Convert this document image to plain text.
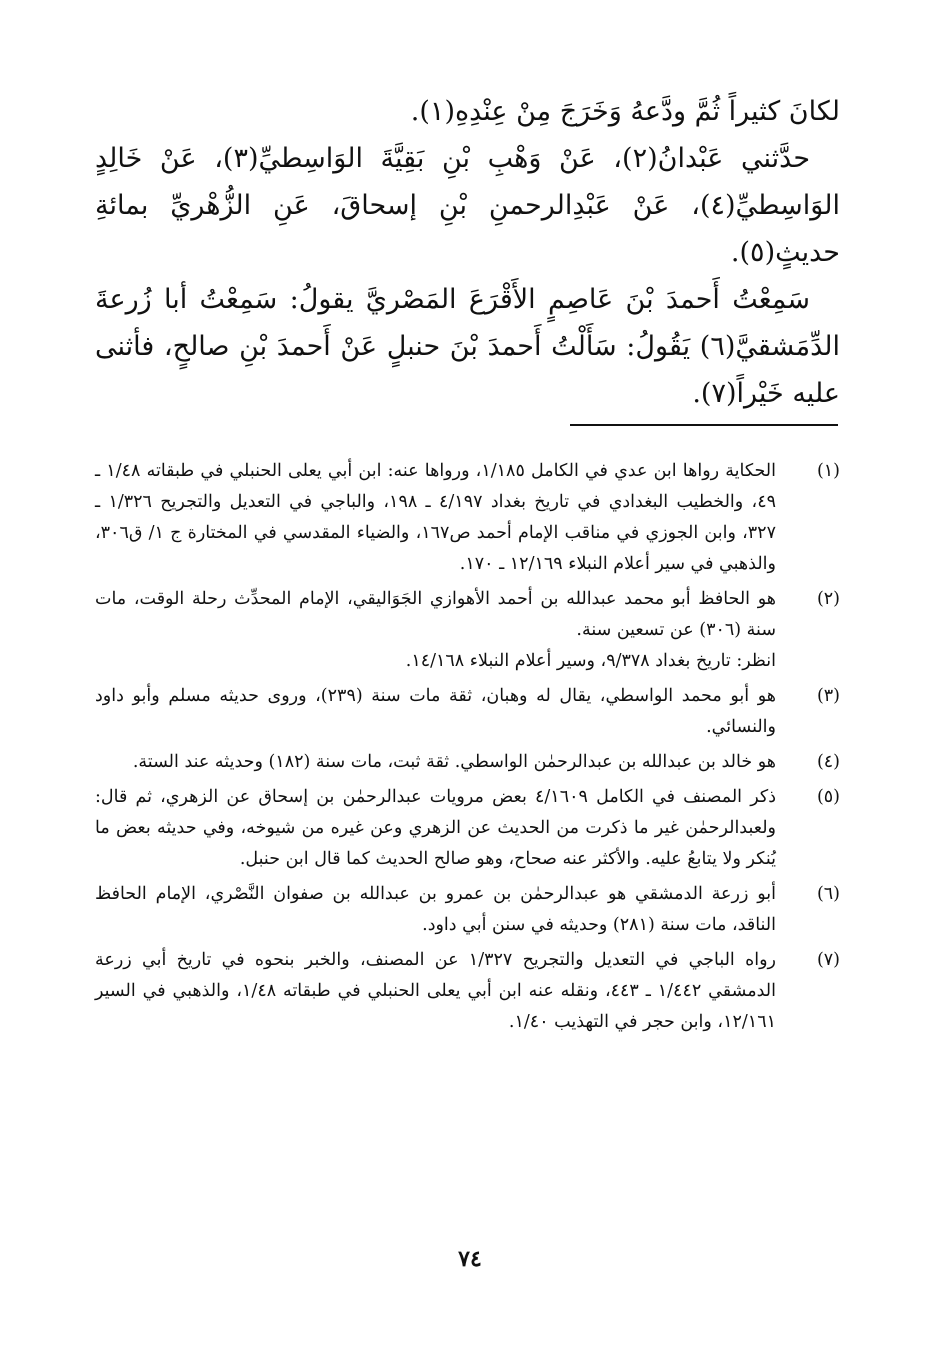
لكانَ كثيراً ثُمَّ ودَّعهُ وَخَرَجَ مِنْ عِنْدِهِ(١).

حدَّثني عَبْدانُ(٢)، عَنْ وَهْبِ بْنِ بَقِيَّةَ الوَاسِطيِّ(٣)، عَنْ خَالِدٍ الوَاسِطيِّ(٤)، عَنْ عَبْدِالرحمنِ بْنِ إسحاقَ، عَنِ الزُّهْريِّ بمائةِ حديثٍ(٥).

سَمِعْتُ أَحمدَ بْنَ عَاصِمٍ الأَقْرَعَ المَصْريَّ يقولُ: سَمِعْتُ أبا زُرعةَ الدِّمَشقيَّ(٦) يَقُولُ: سَأَلْتُ أَحمدَ بْنَ حنبلٍ عَنْ أَحمدَ بْنِ صالحٍ، فأثنى عليه خَيْراً(٧).

(١)
الحكاية رواها ابن عدي في الكامل ١/١٨٥، ورواها عنه: ابن أبي يعلى الحنبلي في طبقاته ١/٤٨ ـ ٤٩، والخطيب البغدادي في تاريخ بغداد ٤/١٩٧ ـ ١٩٨، والباجي في التعديل والتجريح ١/٣٢٦ ـ ٣٢٧، وابن الجوزي في مناقب الإمام أحمد ص١٦٧، والضياء المقدسي في المختارة ج ١/ ق٣٠٦، والذهبي في سير أعلام النبلاء ١٢/١٦٩ ـ ١٧٠.
(٢)

هو الحافظ أبو محمد عبدالله بن أحمد الأهوازي الجَوَاليقي، الإمام المحدِّث رحلة الوقت، مات سنة (٣٠٦) عن تسعين سنة.

انظر: تاريخ بغداد ٩/٣٧٨، وسير أعلام النبلاء ١٤/١٦٨.

(٣)
هو أبو محمد الواسطي، يقال له وهبان، ثقة مات سنة (٢٣٩)، وروى حديثه مسلم وأبو داود والنسائي.
(٤)
هو خالد بن عبدالله بن عبدالرحمٰن الواسطي. ثقة ثبت، مات سنة (١٨٢) وحديثه عند الستة.
(٥)
ذكر المصنف في الكامل ٤/١٦٠٩ بعض مرويات عبدالرحمٰن بن إسحاق عن الزهري، ثم قال: ولعبدالرحمٰن غير ما ذكرت من الحديث عن الزهري وعن غيره من شيوخه، وفي حديثه بعض ما يُنكر ولا يتابعُ عليه. والأكثر عنه صحاح، وهو صالح الحديث كما قال ابن حنبل.
(٦)
أبو زرعة الدمشقي هو عبدالرحمٰن بن عمرو بن عبدالله بن صفوان النَّصْري، الإمام الحافظ الناقد، مات سنة (٢٨١) وحديثه في سنن أبي داود.
(٧)
رواه الباجي في التعديل والتجريح ١/٣٢٧ عن المصنف، والخبر بنحوه في تاريخ أبي زرعة الدمشقي ١/٤٤٢ ـ ٤٤٣، ونقله عنه ابن أبي يعلى الحنبلي في طبقاته ١/٤٨، والذهبي في السير ١٢/١٦١، وابن حجر في التهذيب ١/٤٠.
٧٤
